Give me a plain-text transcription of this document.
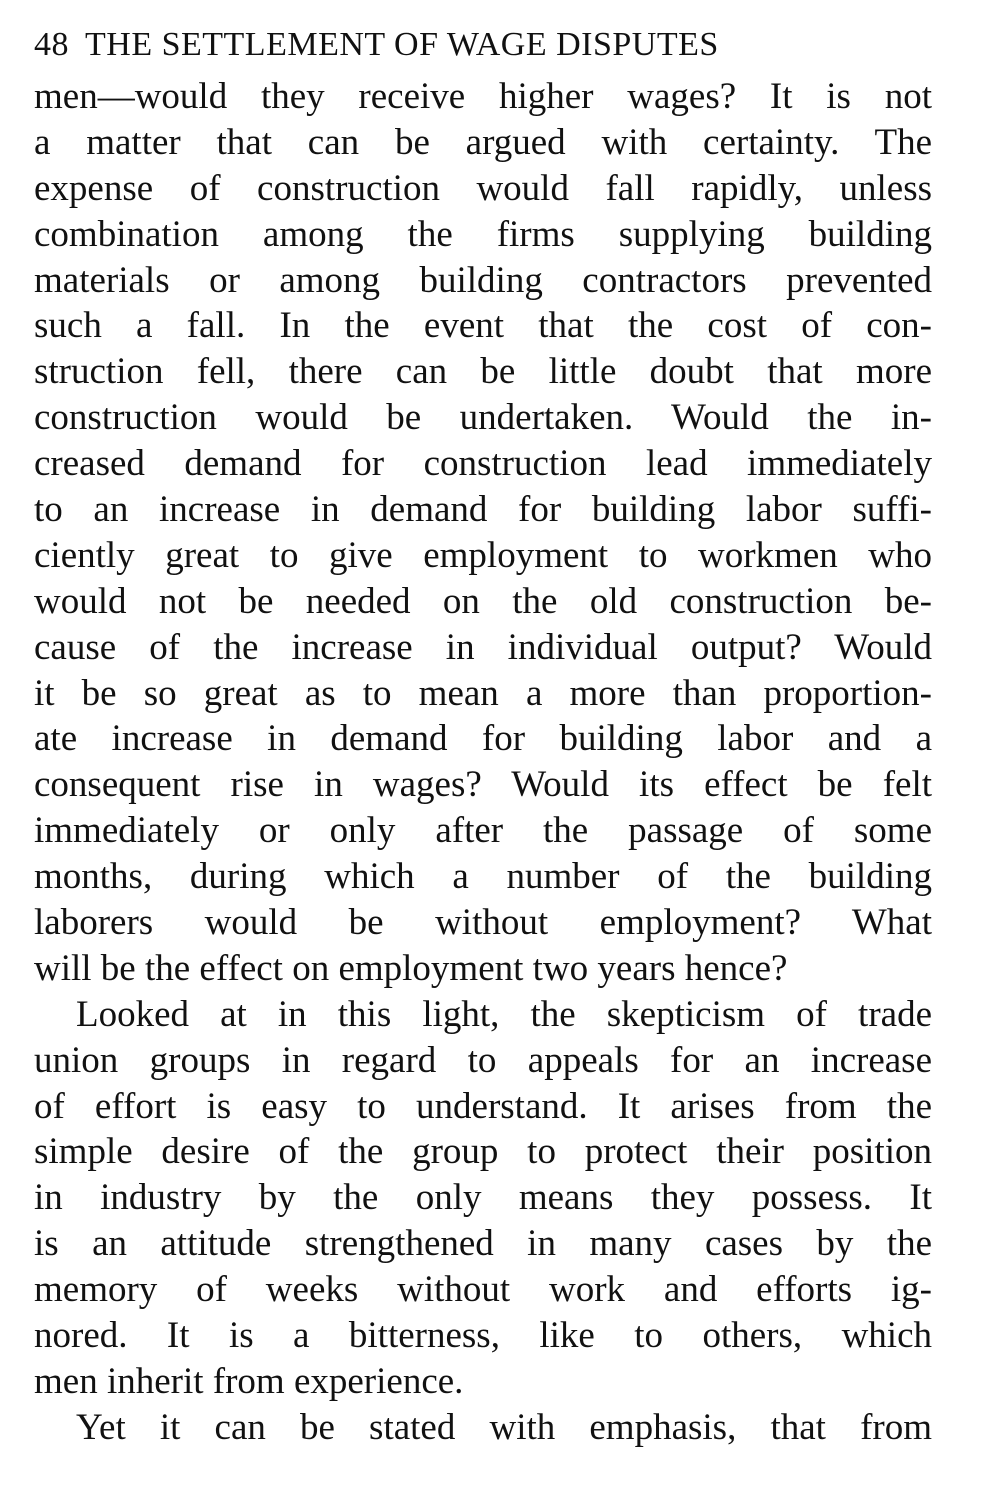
48 THE SETTLEMENT OF WAGE DISPUTES
men—would they receive higher wages? It is not
a matter that can be argued with certainty. The
expense of construction would fall rapidly, unless
combination among the firms supplying building
materials or among building contractors prevented
such a fall. In the event that the cost of con-
struction fell, there can be little doubt that more
construction would be undertaken. Would the in-
creased demand for construction lead immediately
to an increase in demand for building labor suffi-
ciently great to give employment to workmen who
would not be needed on the old construction be-
cause of the increase in individual output? Would
it be so great as to mean a more than proportion-
ate increase in demand for building labor and a
consequent rise in wages? Would its effect be felt
immediately or only after the passage of some
months, during which a number of the building
laborers would be without employment? What
will be the effect on employment two years hence?
Looked at in this light, the skepticism of trade
union groups in regard to appeals for an increase
of effort is easy to understand. It arises from the
simple desire of the group to protect their position
in industry by the only means they possess. It
is an attitude strengthened in many cases by the
memory of weeks without work and efforts ig-
nored. It is a bitterness, like to others, which
men inherit from experience.
Yet it can be stated with emphasis, that from
